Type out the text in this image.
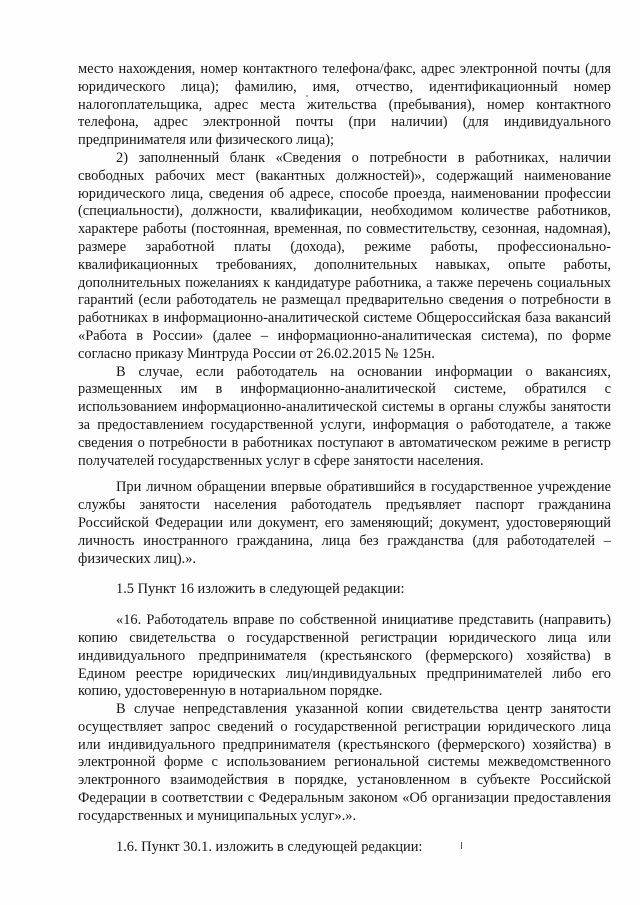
место нахождения, номер контактного телефона/факс, адрес электронной почты (для юридического лица); фамилию, имя, отчество, идентификационный номер налогоплательщика, адрес места жительства (пребывания), номер контактного телефона, адрес электронной почты (при наличии) (для индивидуального предпринимателя или физического лица);

2) заполненный бланк «Сведения о потребности в работниках, наличии свободных рабочих мест (вакантных должностей)», содержащий наименование юридического лица, сведения об адресе, способе проезда, наименовании профессии (специальности), должности, квалификации, необходимом количестве работников, характере работы (постоянная, временная, по совместительству, сезонная, надомная), размере заработной платы (дохода), режиме работы, профессионально-квалификационных требованиях, дополнительных навыках, опыте работы, дополнительных пожеланиях к кандидатуре работника, а также перечень социальных гарантий (если работодатель не размещал предварительно сведения о потребности в работниках в информационно-аналитической системе Общероссийская база вакансий «Работа в России» (далее – информационно-аналитическая система), по форме согласно приказу Минтруда России от 26.02.2015 № 125н.

В случае, если работодатель на основании информации о вакансиях, размещенных им в информационно-аналитической системе, обратился с использованием информационно-аналитической системы в органы службы занятости за предоставлением государственной услуги, информация о работодателе, а также сведения о потребности в работниках поступают в автоматическом режиме в регистр получателей государственных услуг в сфере занятости населения.

При личном обращении впервые обратившийся в государственное учреждение службы занятости населения работодатель предъявляет паспорт гражданина Российской Федерации или документ, его заменяющий; документ, удостоверяющий личность иностранного гражданина, лица без гражданства (для работодателей – физических лиц).».

1.5 Пункт 16 изложить в следующей редакции:

«16. Работодатель вправе по собственной инициативе представить (направить) копию свидетельства о государственной регистрации юридического лица или индивидуального предпринимателя (крестьянского (фермерского) хозяйства) в Едином реестре юридических лиц/индивидуальных предпринимателей либо его копию, удостоверенную в нотариальном порядке.

В случае непредставления указанной копии свидетельства центр занятости осуществляет запрос сведений о государственной регистрации юридического лица или индивидуального предпринимателя (крестьянского (фермерского) хозяйства) в электронной форме с использованием региональной системы межведомственного электронного взаимодействия в порядке, установленном в субъекте Российской Федерации в соответствии с Федеральным законом «Об организации предоставления государственных и муниципальных услуг».».

1.6. Пункт 30.1. изложить в следующей редакции:
